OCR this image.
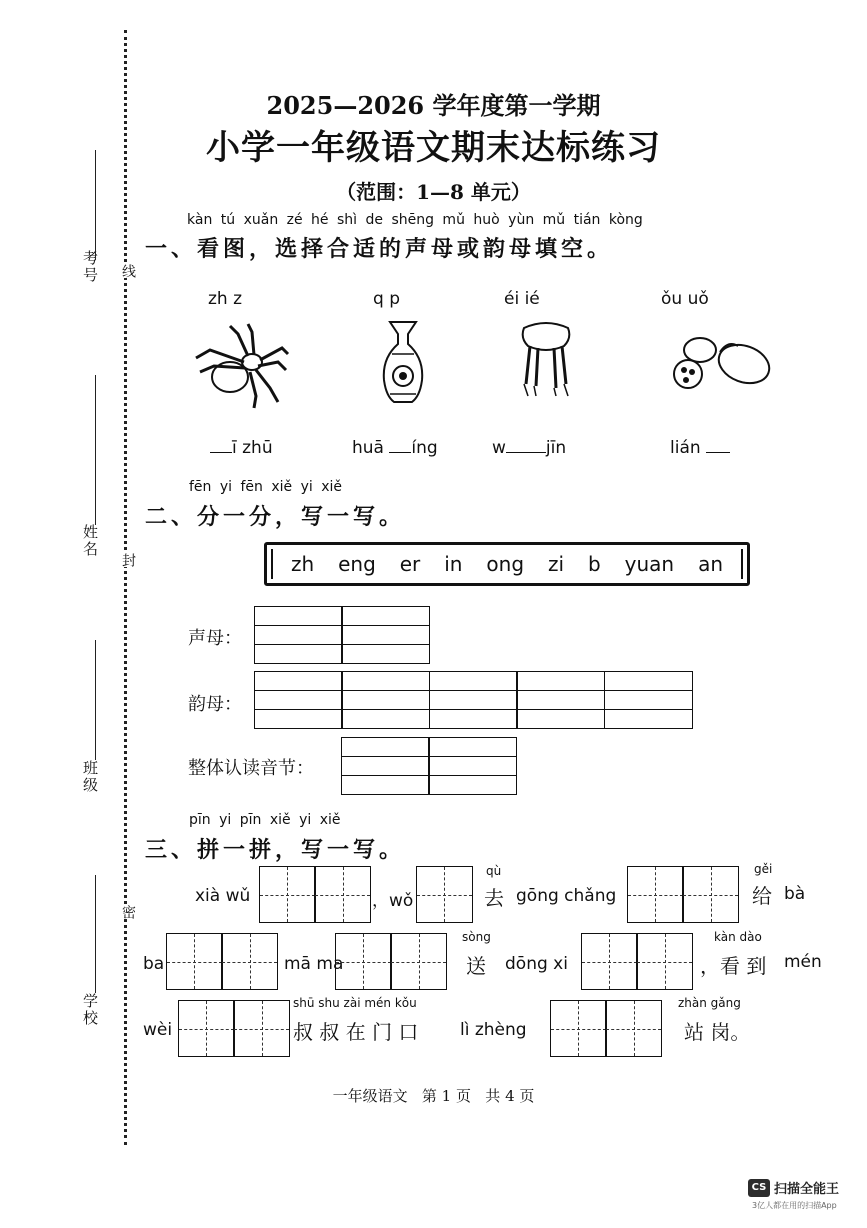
考号 线
姓名
封
班级
密
学校
2025—2026 学年度第一学期
小学一年级语文期末达标练习
（范围：1—8 单元）
kàn tú xuǎn zé hé shì de shēng mǔ huò yùn mǔ tián kòng
一、看图，选择合适的声母或韵母填空。
zh z	q p	éi ié	ǒu uǒ
ī zhū	huā íng	w jīn	lián
fēn yi fēn xiě yi xiě
二、分一分，写一写。
zh eng er in ong zi b yuan an
声母：
韵母：
整体认读音节：
pīn yi pīn xiě yi xiě
三、拼一拼，写一写。
xià wǔ	，wǒ
qù
去 gōng chǎng
gěi
给 bà
ba	mā ma
sòng
送 dōng xi
kàn dào
，看 到 mén
wèi
shū shu zài mén kǒu
叔 叔 在 门 口 lì zhèng
zhàn gǎng
站 岗。
一年级语文   第 1 页   共 4 页
CS 扫描全能王
3亿人都在用的扫描App
